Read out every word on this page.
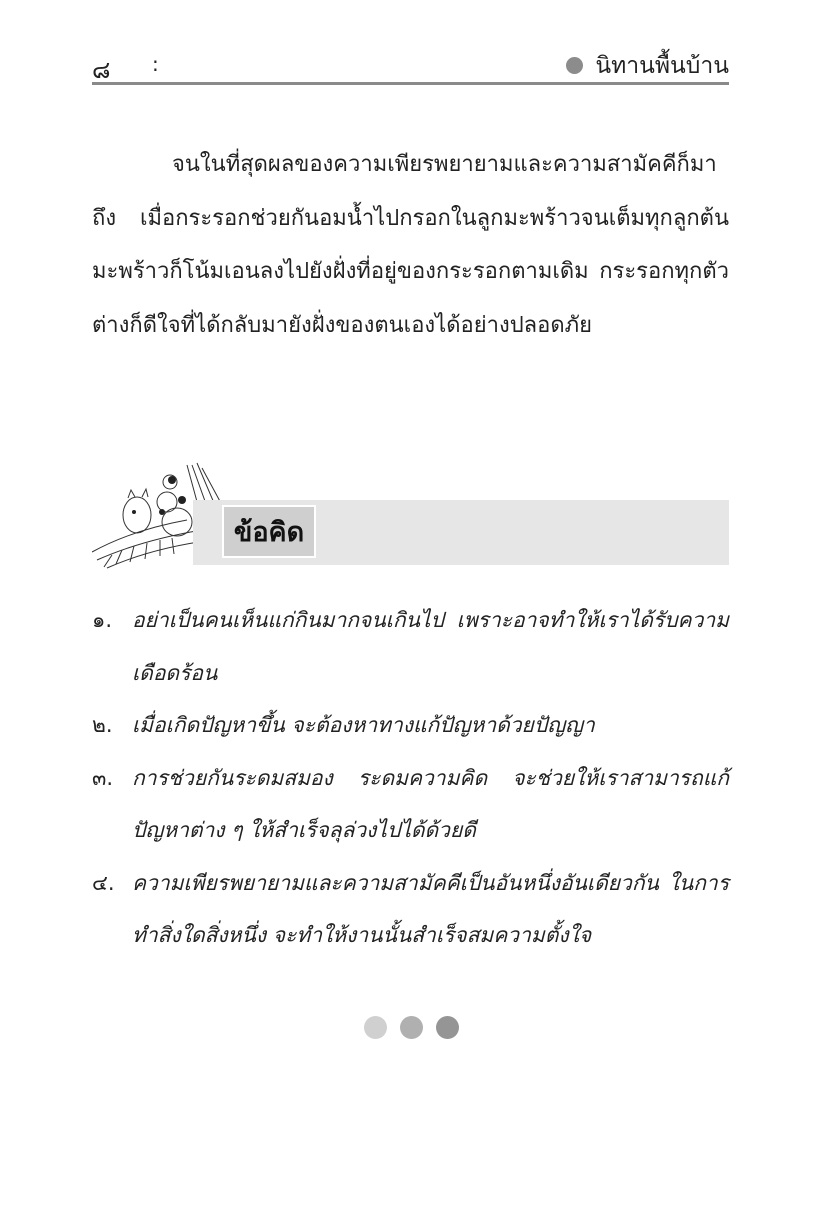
๘ :	นิทานพื้นบ้าน

จนในที่สุดผลของความเพียรพยายามและความสามัคคีก็มาถึง เมื่อกระรอกช่วยกันอมน้ำไปกรอกในลูกมะพร้าวจนเต็มทุกลูกต้นมะพร้าวก็โน้มเอนลงไปยังฝั่งที่อยู่ของกระรอกตามเดิม กระรอกทุกตัวต่างก็ดีใจที่ได้กลับมายังฝั่งของตนเองได้อย่างปลอดภัย

ข้อคิด
๑. อย่าเป็นคนเห็นแก่กินมากจนเกินไป เพราะอาจทำให้เราได้รับความเดือดร้อน
๒. เมื่อเกิดปัญหาขึ้น จะต้องหาทางแก้ปัญหาด้วยปัญญา
๓. การช่วยกันระดมสมอง ระดมความคิด จะช่วยให้เราสามารถแก้ปัญหาต่าง ๆ ให้สำเร็จลุล่วงไปได้ด้วยดี
๔. ความเพียรพยายามและความสามัคคีเป็นอันหนึ่งอันเดียวกัน ในการทำสิ่งใดสิ่งหนึ่ง จะทำให้งานนั้นสำเร็จสมความตั้งใจ
